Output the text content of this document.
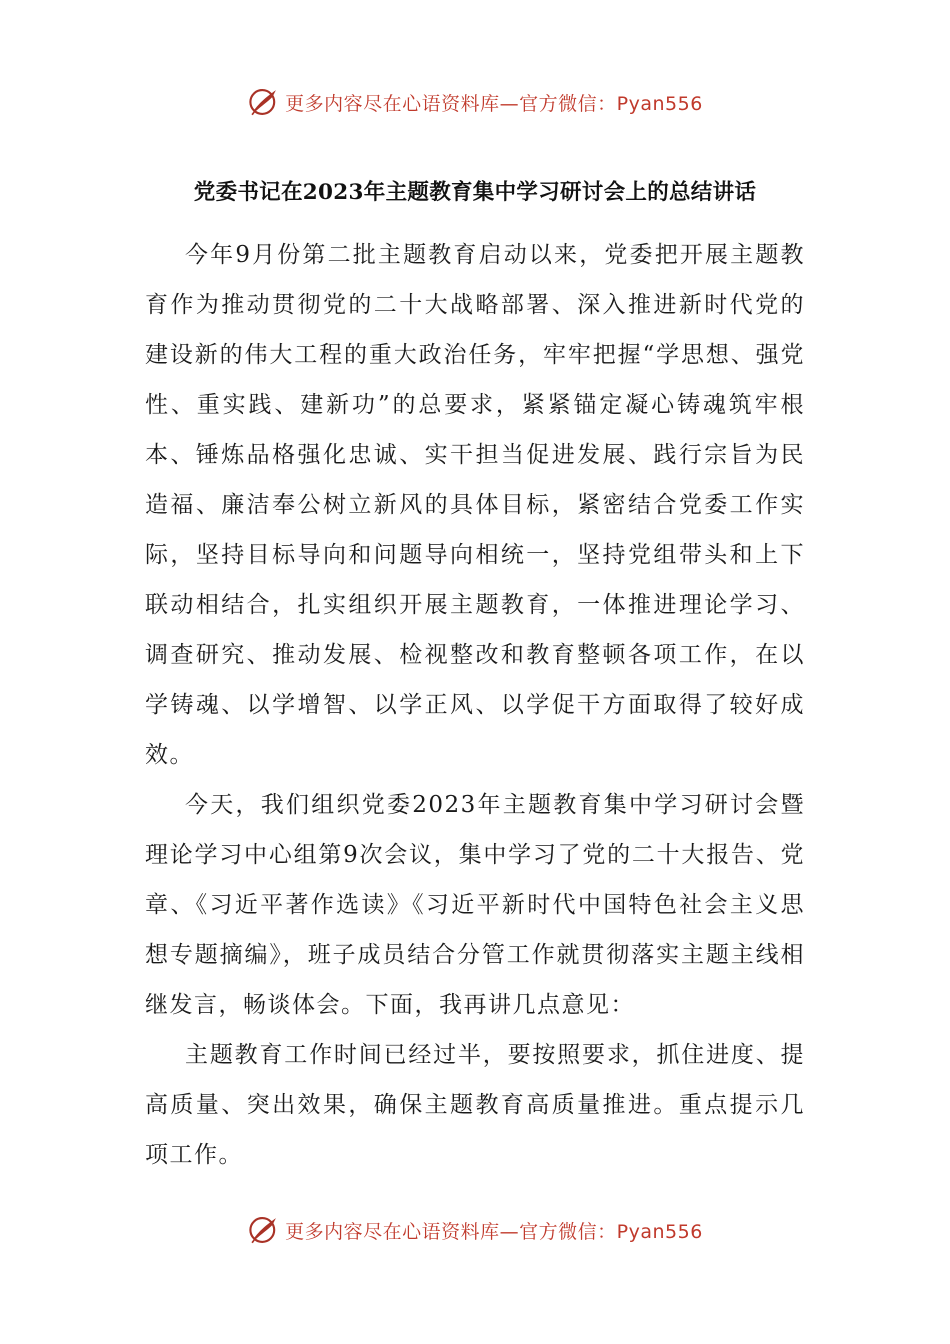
更多内容尽在心语资料库—官方微信：Pyan556
党委书记在2023年主题教育集中学习研讨会上的总结讲话

今年9月份第二批主题教育启动以来，党委把开展主题教育作为推动贯彻党的二十大战略部署、深入推进新时代党的建设新的伟大工程的重大政治任务，牢牢把握“学思想、强党性、重实践、建新功”的总要求，紧紧锚定凝心铸魂筑牢根本、锤炼品格强化忠诚、实干担当促进发展、践行宗旨为民造福、廉洁奉公树立新风的具体目标，紧密结合党委工作实际，坚持目标导向和问题导向相统一，坚持党组带头和上下联动相结合，扎实组织开展主题教育，一体推进理论学习、调查研究、推动发展、检视整改和教育整顿各项工作，在以学铸魂、以学增智、以学正风、以学促干方面取得了较好成效。

今天，我们组织党委2023年主题教育集中学习研讨会暨理论学习中心组第9次会议，集中学习了党的二十大报告、党章、《习近平著作选读》《习近平新时代中国特色社会主义思想专题摘编》，班子成员结合分管工作就贯彻落实主题主线相继发言，畅谈体会。下面，我再讲几点意见：

主题教育工作时间已经过半，要按照要求，抓住进度、提高质量、突出效果，确保主题教育高质量推进。重点提示几项工作。

更多内容尽在心语资料库—官方微信：Pyan556
